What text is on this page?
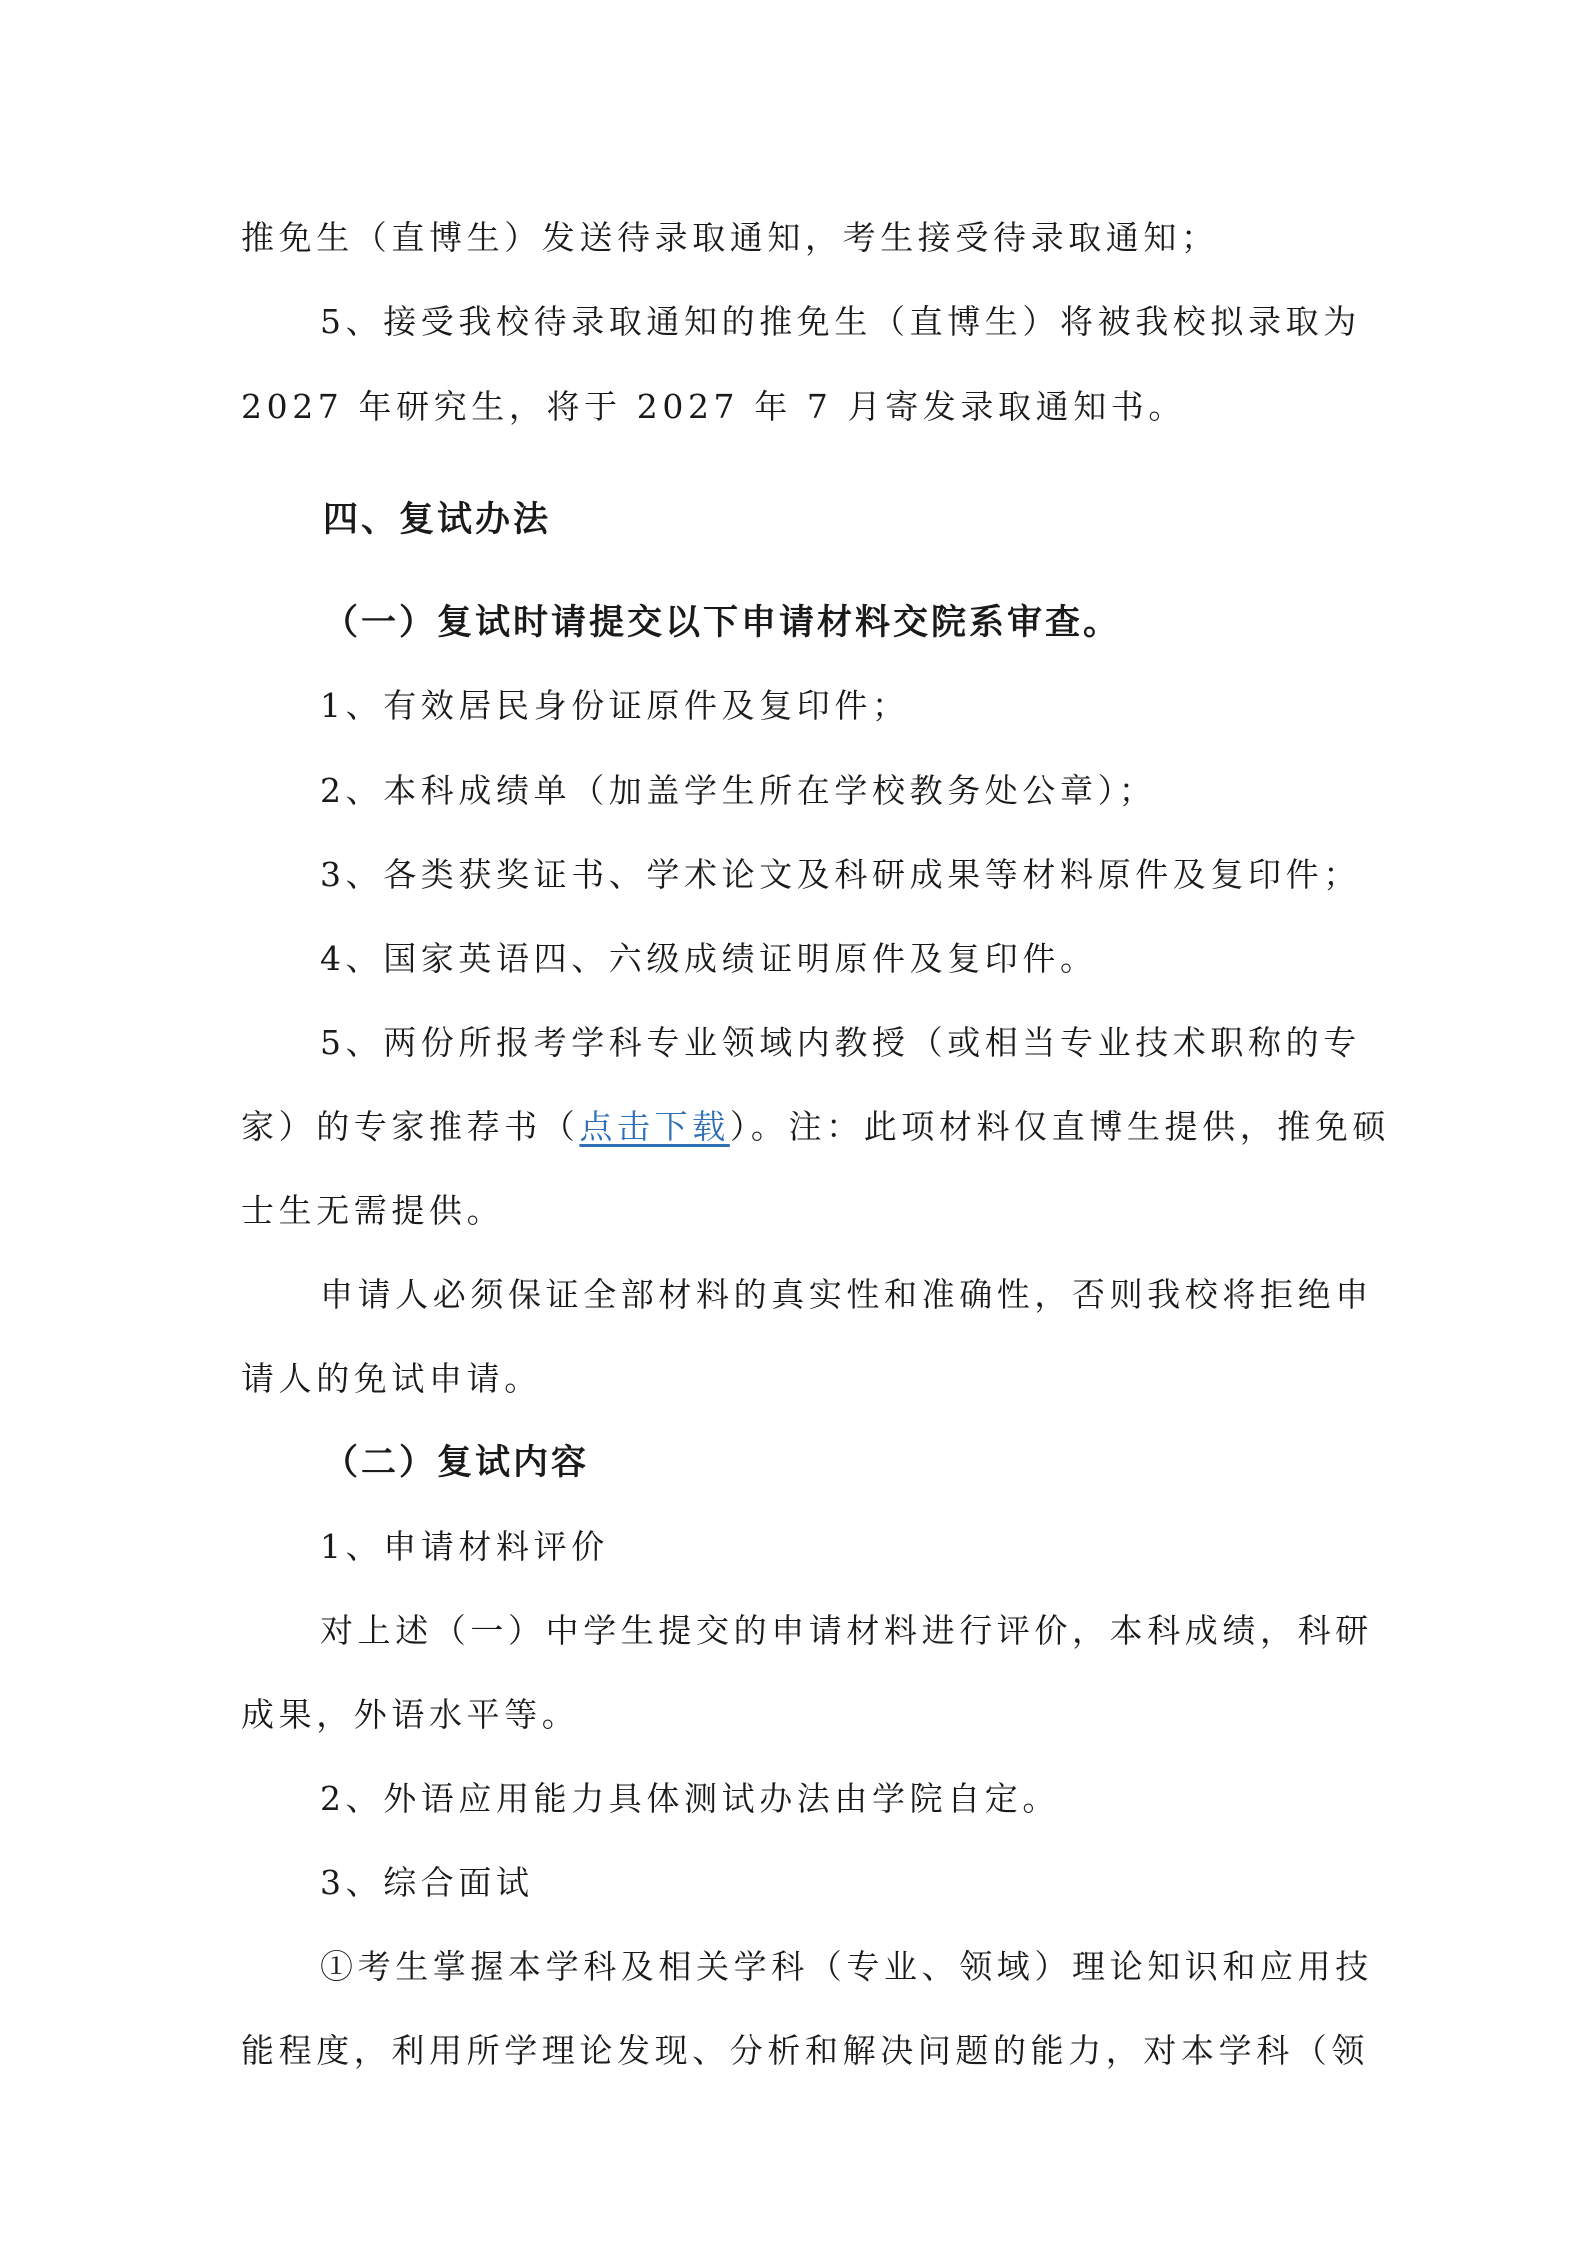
推免生（直博生）发送待录取通知，考生接受待录取通知；
5、接受我校待录取通知的推免生（直博生）将被我校拟录取为
2027 年研究生，将于 2027 年 7 月寄发录取通知书。
四、复试办法
（一）复试时请提交以下申请材料交院系审查。
1、有效居民身份证原件及复印件；
2、本科成绩单（加盖学生所在学校教务处公章）；
3、各类获奖证书、学术论文及科研成果等材料原件及复印件；
4、国家英语四、六级成绩证明原件及复印件。
5、两份所报考学科专业领域内教授（或相当专业技术职称的专
家）的专家推荐书（点击下载）。注：此项材料仅直博生提供，推免硕
士生无需提供。
申请人必须保证全部材料的真实性和准确性，否则我校将拒绝申
请人的免试申请。
（二）复试内容
1、申请材料评价
对上述（一）中学生提交的申请材料进行评价，本科成绩，科研
成果，外语水平等。
2、外语应用能力具体测试办法由学院自定。
3、综合面试
①考生掌握本学科及相关学科（专业、领域）理论知识和应用技
能程度，利用所学理论发现、分析和解决问题的能力，对本学科（领
